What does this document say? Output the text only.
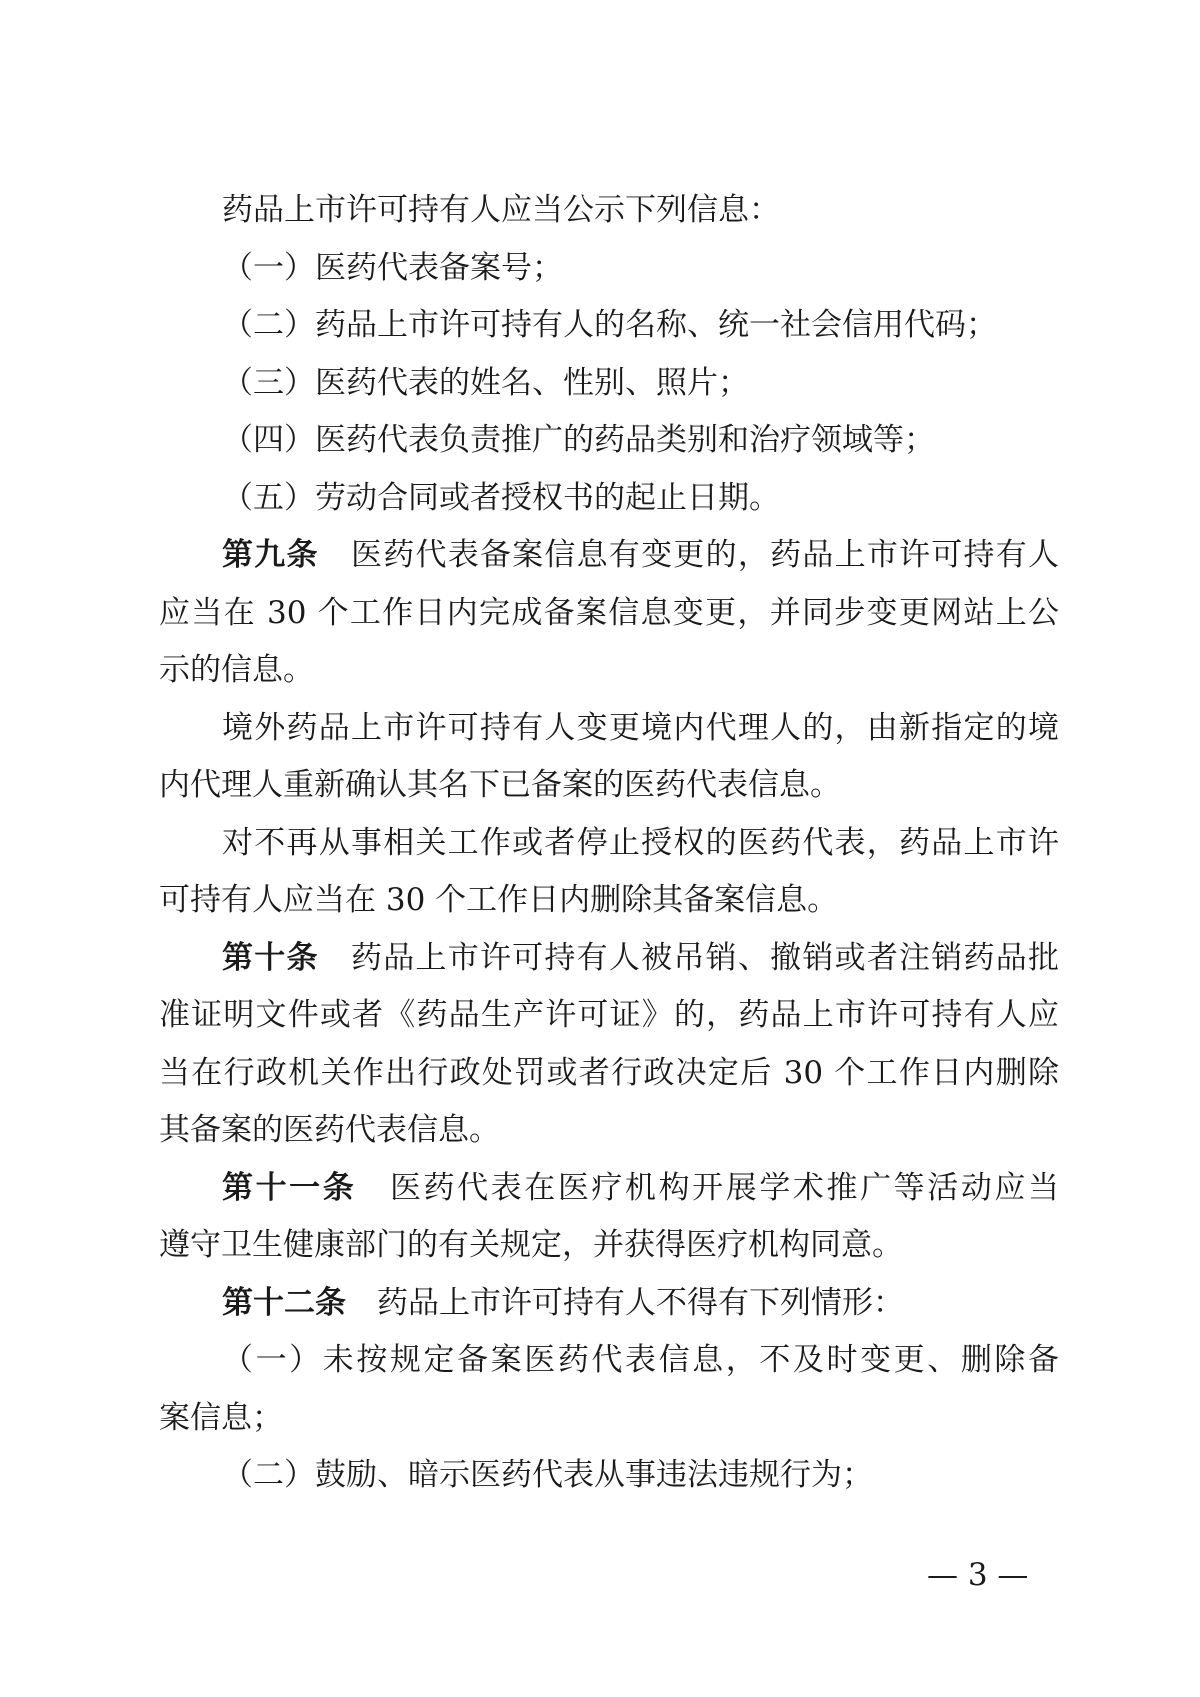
药品上市许可持有人应当公示下列信息：
（一）医药代表备案号；
（二）药品上市许可持有人的名称、统一社会信用代码；
（三）医药代表的姓名、性别、照片；
（四）医药代表负责推广的药品类别和治疗领域等；
（五）劳动合同或者授权书的起止日期。
第九条　 医药代表备案信息有变更的，药品上市许可持有人
应当在 30 个工作日内完成备案信息变更，并同步变更网站上公
示的信息。
境外药品上市许可持有人变更境内代理人的，由新指定的境
内代理人重新确认其名下已备案的医药代表信息。
对不再从事相关工作或者停止授权的医药代表，药品上市许
可持有人应当在 30 个工作日内删除其备案信息。
第十条　 药品上市许可持有人被吊销、撤销或者注销药品批
准证明文件或者《药品生产许可证》的，药品上市许可持有人应
当在行政机关作出行政处罚或者行政决定后 30 个工作日内删除
其备案的医药代表信息。
第十一条　 医药代表在医疗机构开展学术推广等活动应当
遵守卫生健康部门的有关规定，并获得医疗机构同意。
第十二条　 药品上市许可持有人不得有下列情形：
（一）未按规定备案医药代表信息，不及时变更、删除备
案信息；
（二）鼓励、暗示医药代表从事违法违规行为；
— 3 —
